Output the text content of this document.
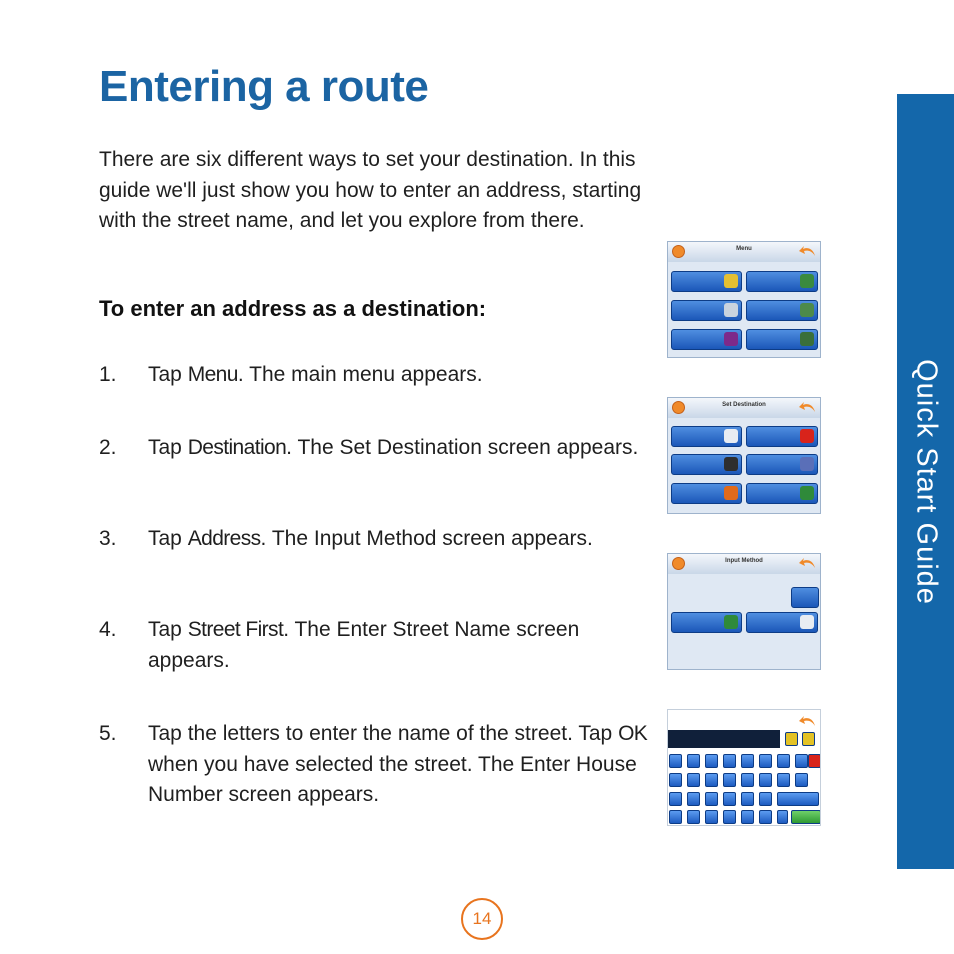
Entering a route

There are six different ways to set your destination. In this guide we'll just show you how to enter an address, starting with the street name, and let you explore from there.

To enter an address as a destination:
1. Tap Menu. The main menu appears.
2. Tap Destination. The Set Destination screen appears.
3. Tap Address. The Input Method screen appears.
4. Tap Street First. The Enter Street Name screen appears.
5. Tap the letters to enter the name of the street. Tap OK when you have selected the street. The Enter House Number screen appears.
Menu
Set Destination
Input Method	Quick Start Guide
14
